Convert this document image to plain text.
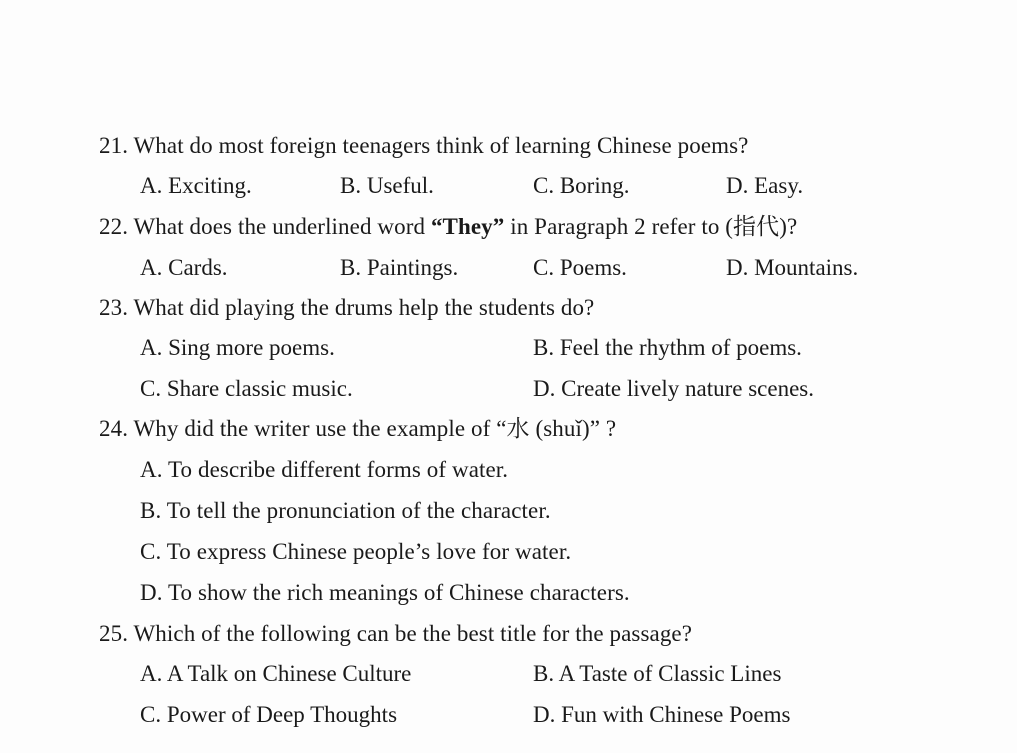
21. What do most foreign teenagers think of learning Chinese poems?
A. Exciting.	B. Useful.	C. Boring.	D. Easy.
22. What does the underlined word “They” in Paragraph 2 refer to (指代)?
A. Cards.	B. Paintings.	C. Poems.	D. Mountains.
23. What did playing the drums help the students do?
A. Sing more poems.	B. Feel the rhythm of poems.
C. Share classic music.	D. Create lively nature scenes.
24. Why did the writer use the example of “水 (shuǐ)” ?
A. To describe different forms of water.
B. To tell the pronunciation of the character.
C. To express Chinese people’s love for water.
D. To show the rich meanings of Chinese characters.
25. Which of the following can be the best title for the passage?
A. A Talk on Chinese Culture	B. A Taste of Classic Lines
C. Power of Deep Thoughts	D. Fun with Chinese Poems
